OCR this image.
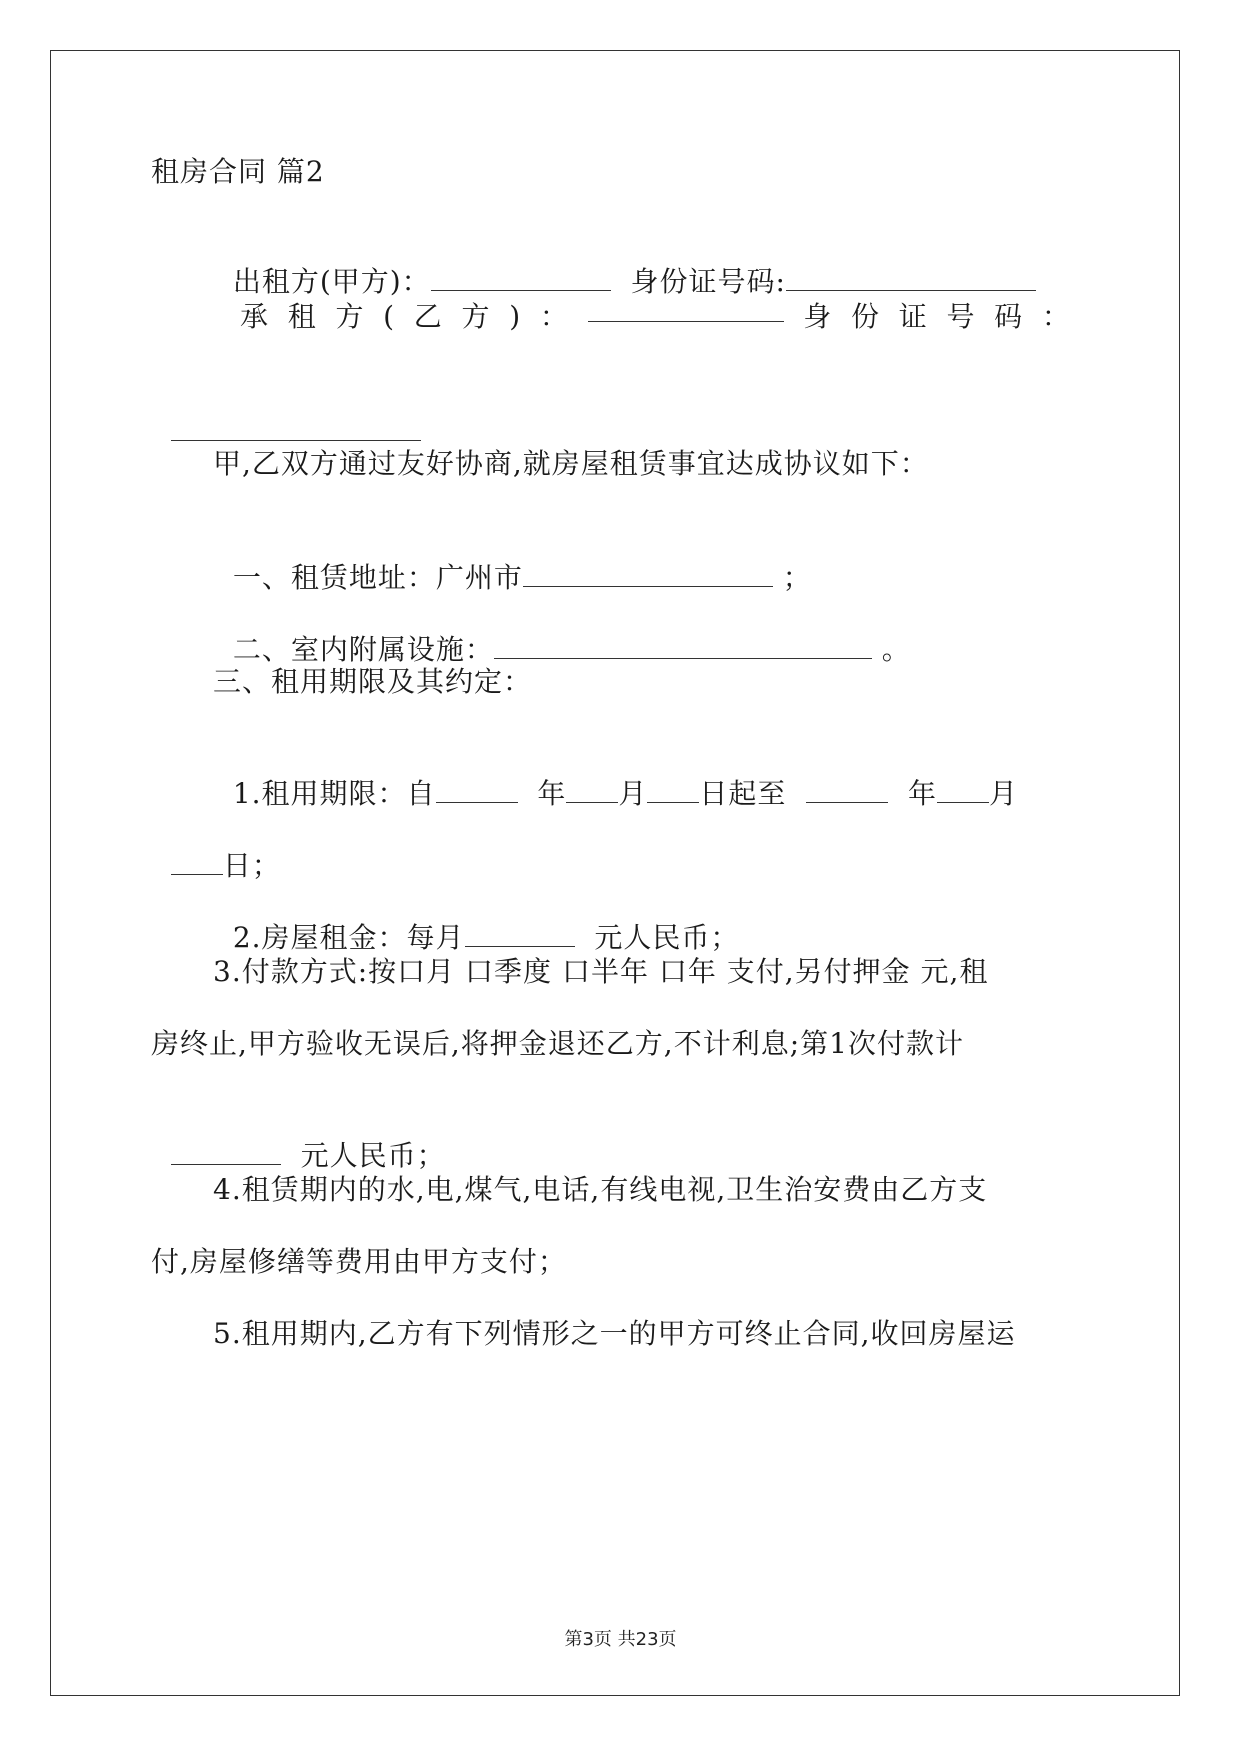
租房合同 篇2

出租方(甲方)：	身份证号码:

承 租 方 ( 乙 方 ) ：	身 份 证 号 码 ：

甲,乙双方通过友好协商,就房屋租赁事宜达成协议如下：

一、租赁地址：广州市	；

二、室内附属设施：	。

三、租用期限及其约定：

1.租用期限：自	年 月 日起至	年 月

日；

2.房屋租金：每月	元人民币；

3.付款方式:按口月 口季度 口半年 口年 支付,另付押金 元,租
房终止,甲方验收无误后,将押金退还乙方,不计利息;第1次付款计

元人民币；

4.租赁期内的水,电,煤气,电话,有线电视,卫生治安费由乙方支
付,房屋修缮等费用由甲方支付；
5.租用期内,乙方有下列情形之一的甲方可终止合同,收回房屋运
第3页 共23页
